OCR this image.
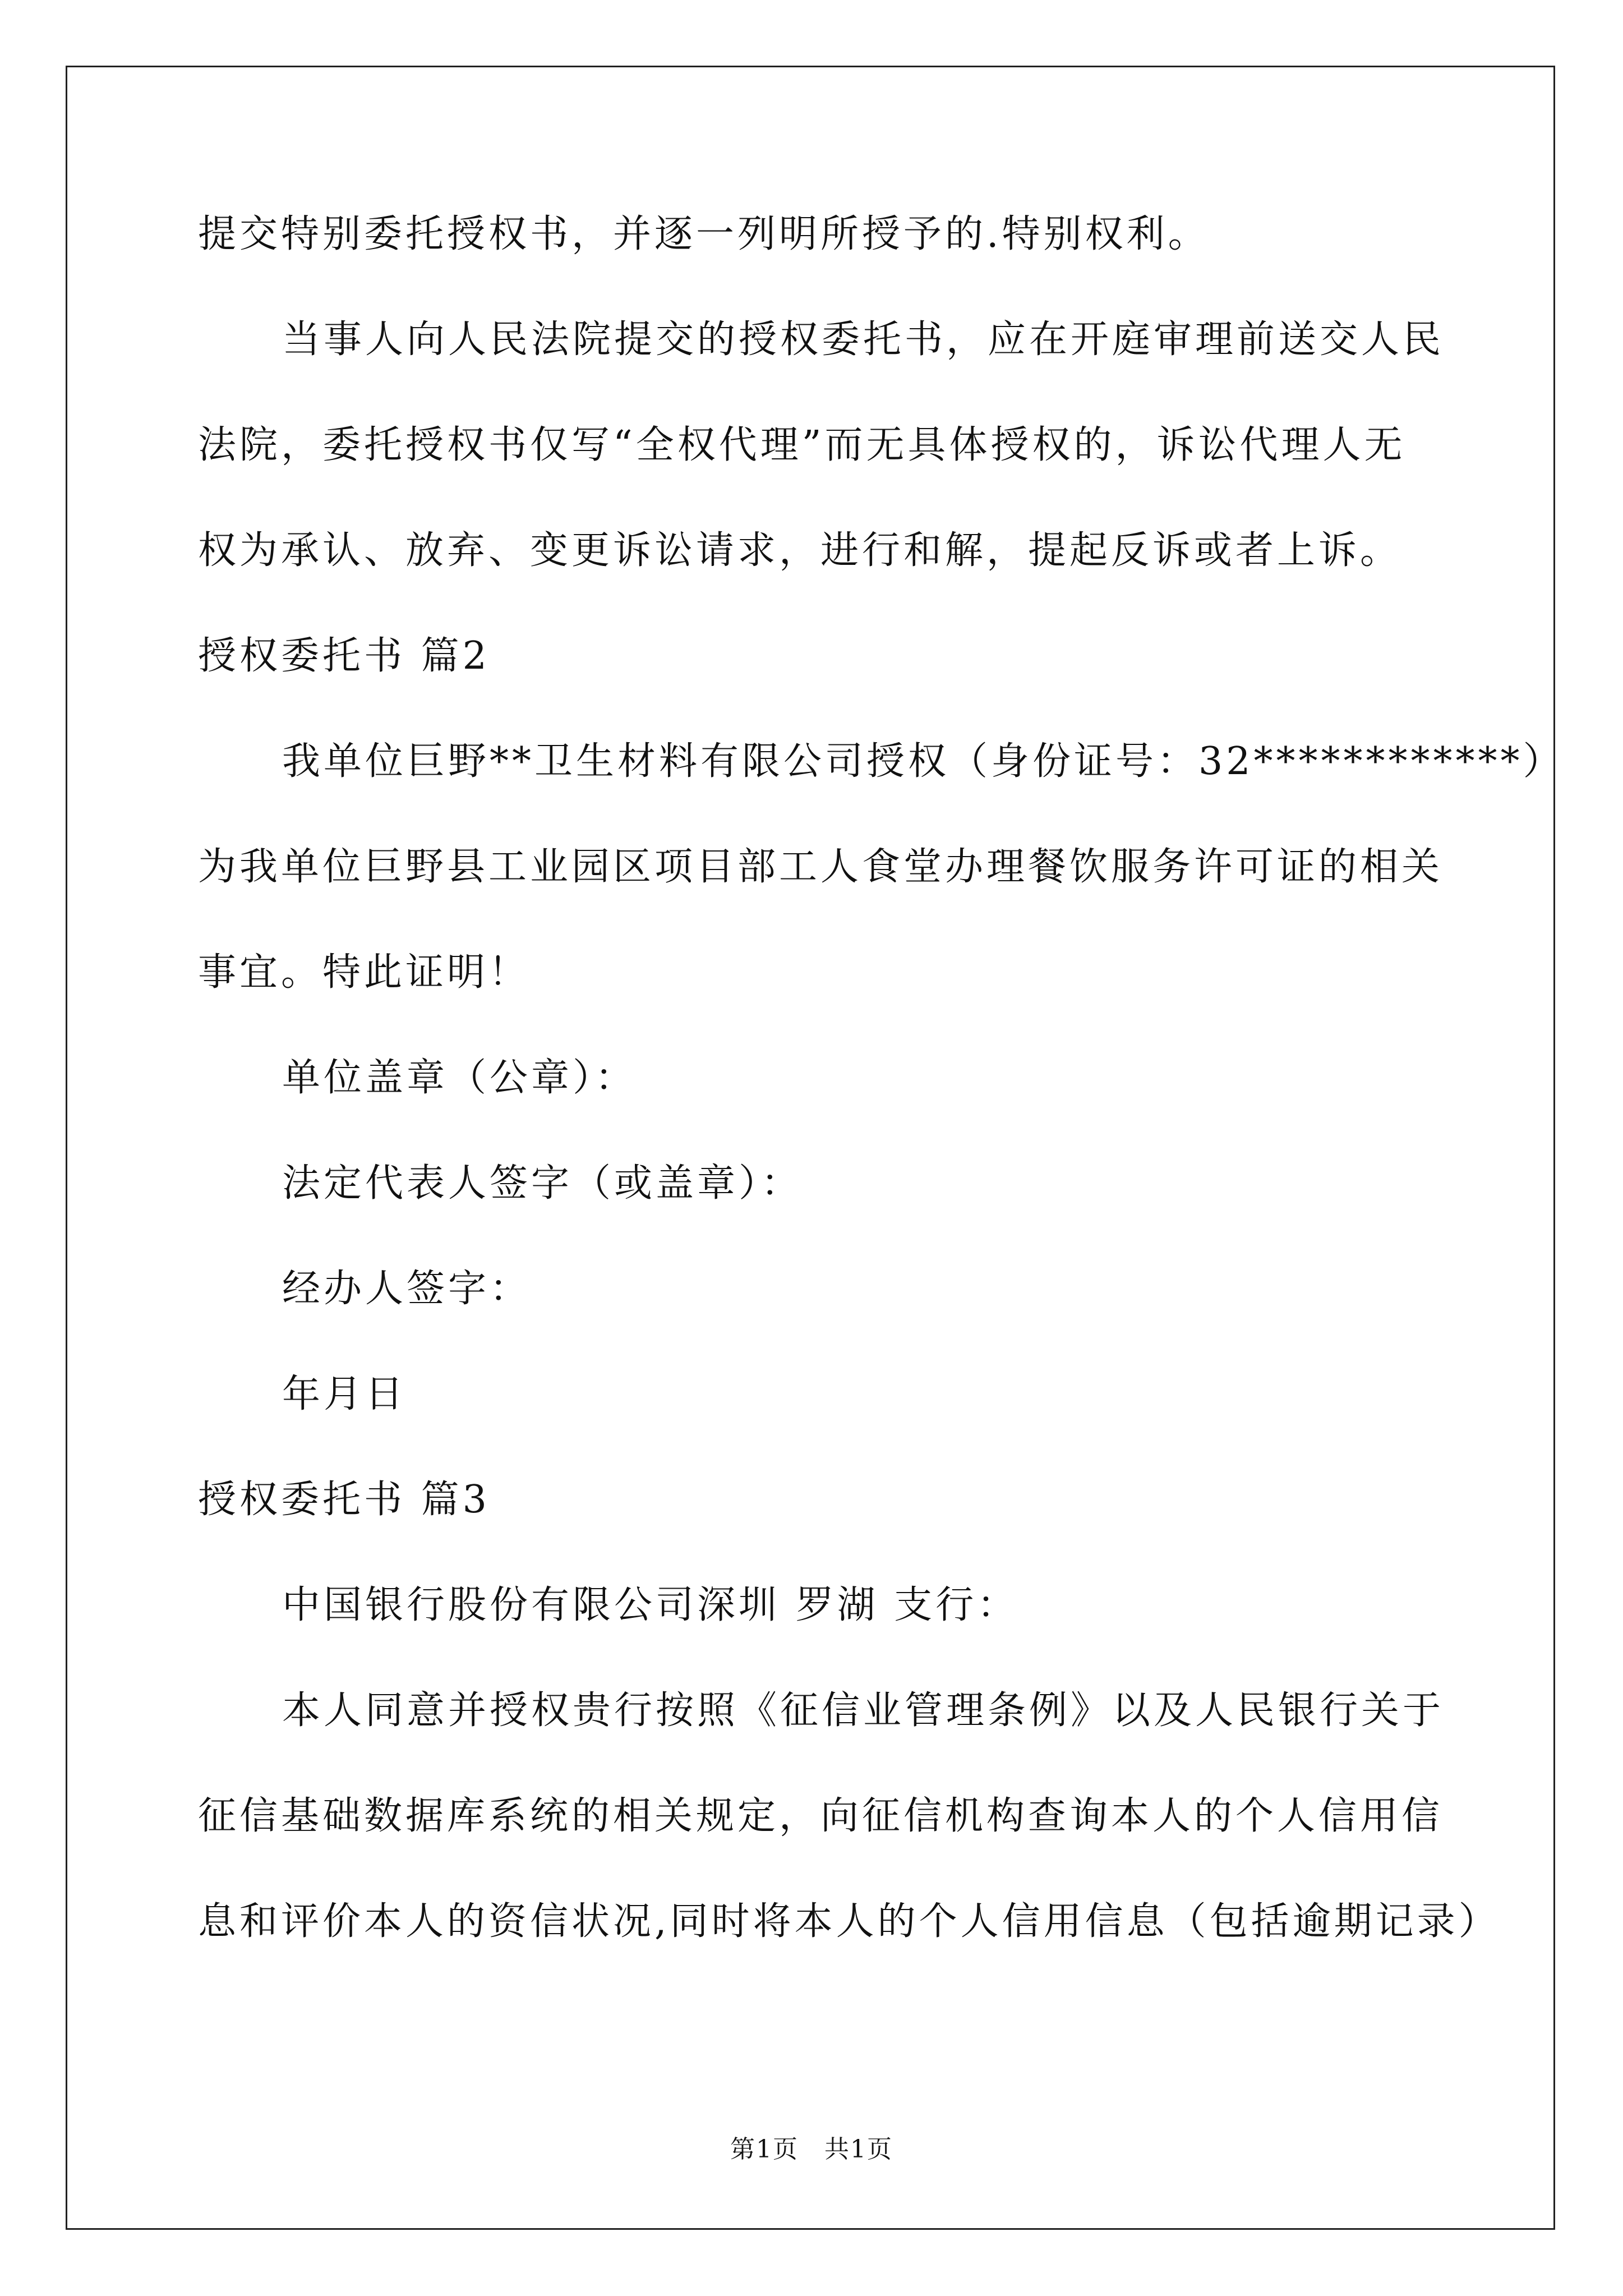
提交特别委托授权书，并逐一列明所授予的.特别权利。
当事人向人民法院提交的授权委托书，应在开庭审理前送交人民
法院，委托授权书仅写“全权代理”而无具体授权的，诉讼代理人无
权为承认、放弃、变更诉讼请求，进行和解，提起反诉或者上诉。
授权委托书 篇2
我单位巨野**卫生材料有限公司授权（身份证号：32************）
为我单位巨野县工业园区项目部工人食堂办理餐饮服务许可证的相关
事宜。特此证明！
单位盖章（公章）：
法定代表人签字（或盖章）：
经办人签字：
年月日
授权委托书 篇3
中国银行股份有限公司深圳 罗湖 支行：
本人同意并授权贵行按照《征信业管理条例》以及人民银行关于
征信基础数据库系统的相关规定，向征信机构查询本人的个人信用信
息和评价本人的资信状况,同时将本人的个人信用信息（包括逾期记录）
第1页　共1页
